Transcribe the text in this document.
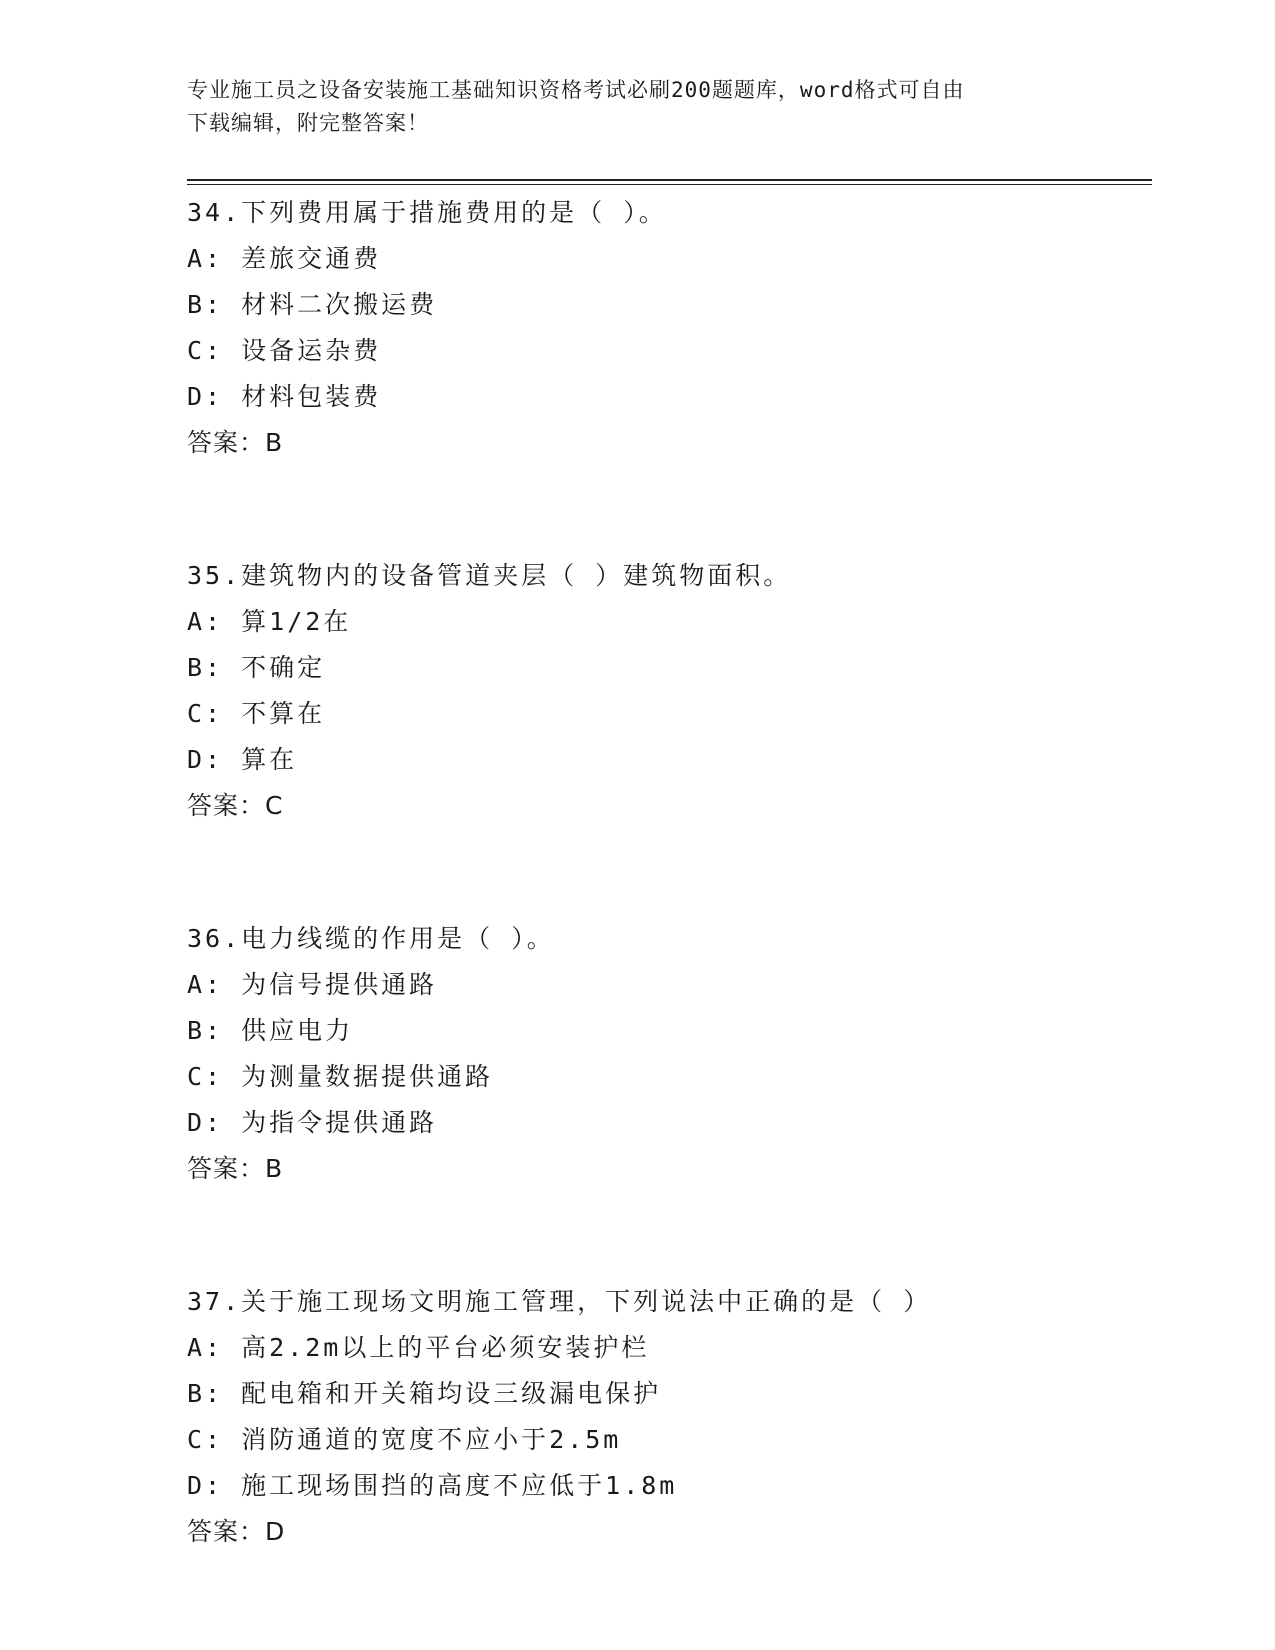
专业施工员之设备安装施工基础知识资格考试必刷200题题库，word格式可自由
下载编辑，附完整答案！
34.下列费用属于措施费用的是（ ）。
A: 差旅交通费
B: 材料二次搬运费
C: 设备运杂费
D: 材料包装费
答案：B
35.建筑物内的设备管道夹层（ ）建筑物面积。
A: 算1/2在
B: 不确定
C: 不算在
D: 算在
答案：C
36.电力线缆的作用是（ ）。
A: 为信号提供通路
B: 供应电力
C: 为测量数据提供通路
D: 为指令提供通路
答案：B
37.关于施工现场文明施工管理，下列说法中正确的是（ ）
A: 高2.2m以上的平台必须安装护栏
B: 配电箱和开关箱均设三级漏电保护
C: 消防通道的宽度不应小于2.5m
D: 施工现场围挡的高度不应低于1.8m
答案：D
